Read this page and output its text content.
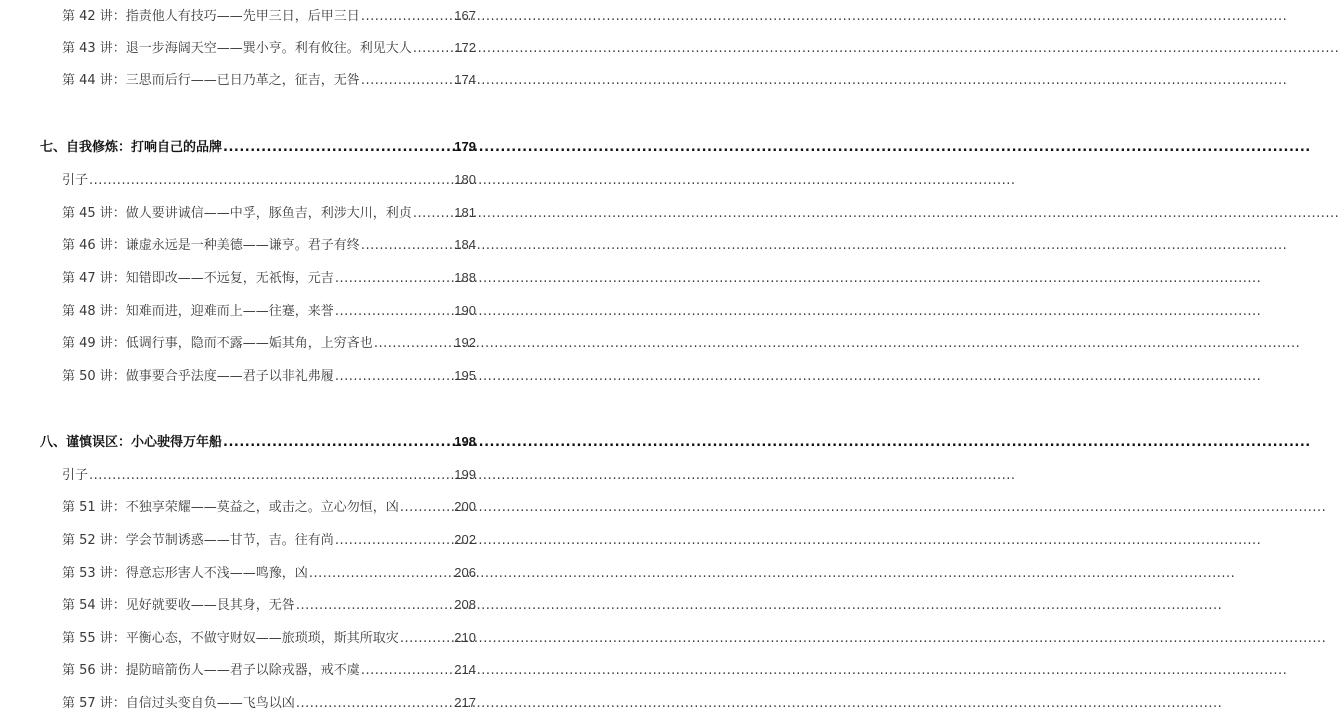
第 42 讲：指责他人有技巧——先甲三日，后甲三日 .....	167
第 43 讲：退一步海阔天空——巽小亨。利有攸往。利见大人 .....	172
第 44 讲：三思而后行——已日乃革之，征吉，无咎 .....	174
七、自我修炼：打响自己的品牌 .....	179
引子 .....	180
第 45 讲：做人要讲诚信——中孚，豚鱼吉，利涉大川，利贞 .....	181
第 46 讲：谦虚永远是一种美德——谦亨。君子有终 .....	184
第 47 讲：知错即改——不远复，无祇悔，元吉 .....	188
第 48 讲：知难而进，迎难而上——往蹇，来誉 .....	190
第 49 讲：低调行事，隐而不露——姤其角，上穷吝也 .....	192
第 50 讲：做事要合乎法度——君子以非礼弗履 .....	195
八、谨慎误区：小心驶得万年船 .....	198
引子 .....	199
第 51 讲：不独享荣耀——莫益之，或击之。立心勿恒，凶 .....	200
第 52 讲：学会节制诱惑——甘节，吉。往有尚 .....	202
第 53 讲：得意忘形害人不浅——鸣豫，凶 .....	206
第 54 讲：见好就要收——艮其身，无咎 .....	208
第 55 讲：平衡心态，不做守财奴——旅琐琐，斯其所取灾 .....	210
第 56 讲：提防暗箭伤人——君子以除戎器，戒不虞 .....	214
第 57 讲：自信过头变自负——飞鸟以凶 .....	217
